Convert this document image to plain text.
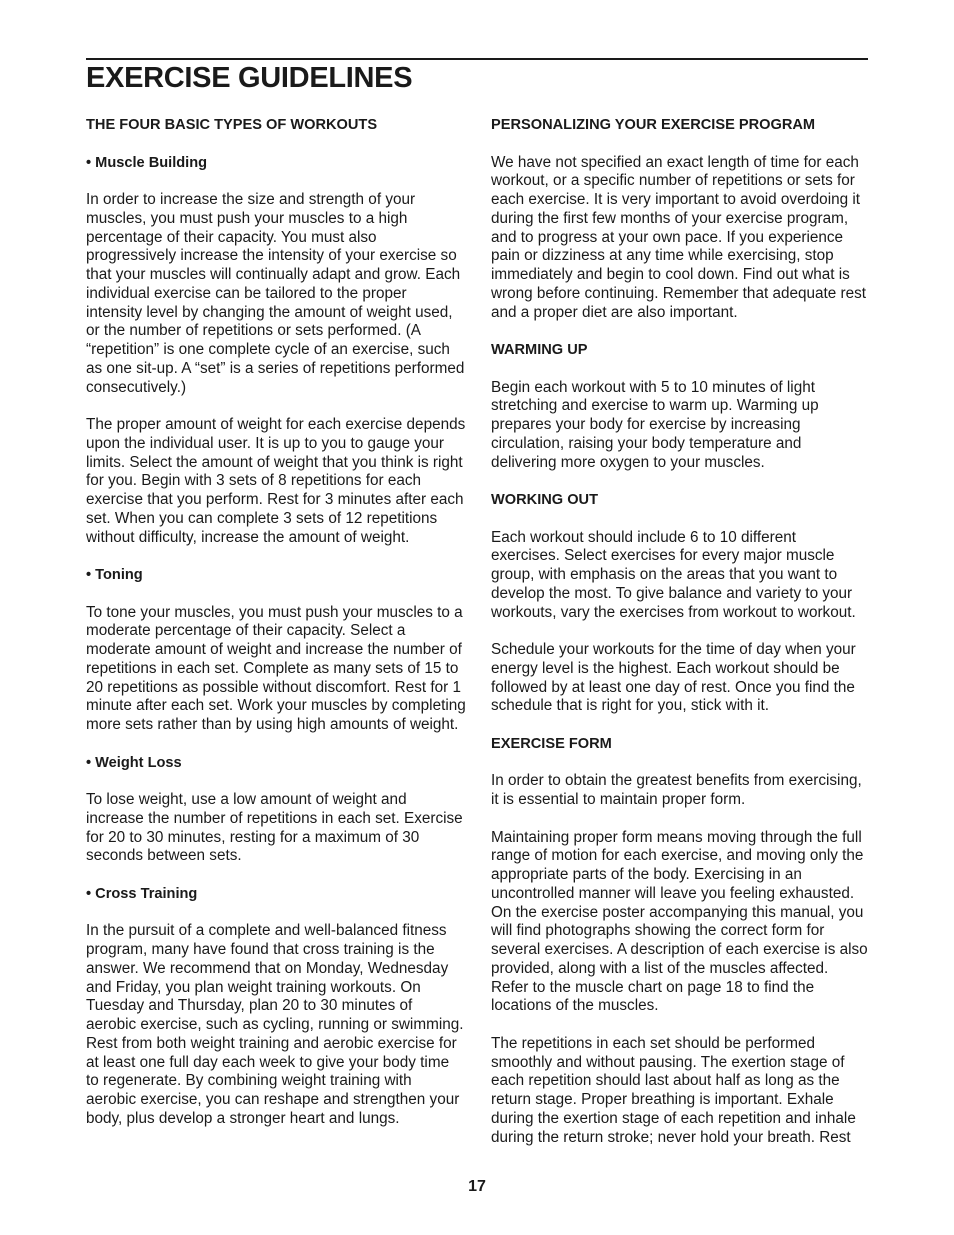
EXERCISE GUIDELINES

THE FOUR BASIC TYPES OF WORKOUTS

• Muscle Building

In order to increase the size and strength of your muscles, you must push your muscles to a high percentage of their capacity. You must also progressively increase the intensity of your exercise so that your muscles will continually adapt and grow. Each individual exercise can be tailored to the proper intensity level by changing the amount of weight used, or the number of repetitions or sets performed. (A “repetition” is one complete cycle of an exercise, such as one sit-up. A “set” is a series of repetitions performed consecutively.)

The proper amount of weight for each exercise depends upon the individual user. It is up to you to gauge your limits. Select the amount of weight that you think is right for you. Begin with 3 sets of 8 repetitions for each exercise that you perform. Rest for 3 minutes after each set. When you can complete 3 sets of 12 repetitions without difficulty, increase the amount of weight.

• Toning

To tone your muscles, you must push your muscles to a moderate percentage of their capacity. Select a moderate amount of weight and increase the number of repetitions in each set. Complete as many sets of 15 to 20 repetitions as possible without discomfort. Rest for 1 minute after each set. Work your muscles by completing more sets rather than by using high amounts of weight.

• Weight Loss

To lose weight, use a low amount of weight and increase the number of repetitions in each set. Exercise for 20 to 30 minutes, resting for a maximum of 30 seconds between sets.

• Cross Training

In the pursuit of a complete and well-balanced fitness program, many have found that cross training is the answer. We recommend that on Monday, Wednesday and Friday, you plan weight training workouts. On Tuesday and Thursday, plan 20 to 30 minutes of aerobic exercise, such as cycling, running or swimming. Rest from both weight training and aerobic exercise for at least one full day each week to give your body time to regenerate. By combining weight training with aerobic exercise, you can reshape and strengthen your body, plus develop a stronger heart and lungs.

PERSONALIZING YOUR EXERCISE PROGRAM

We have not specified an exact length of time for each workout, or a specific number of repetitions or sets for each exercise. It is very important to avoid overdoing it during the first few months of your exercise program, and to progress at your own pace. If you experience pain or dizziness at any time while exercising, stop immediately and begin to cool down. Find out what is wrong before continuing. Remember that adequate rest and a proper diet are also important.

WARMING UP

Begin each workout with 5 to 10 minutes of light stretching and exercise to warm up. Warming up prepares your body for exercise by increasing circulation, raising your body temperature and delivering more oxygen to your muscles.

WORKING OUT

Each workout should include 6 to 10 different exercises. Select exercises for every major muscle group, with emphasis on the areas that you want to develop the most. To give balance and variety to your workouts, vary the exercises from workout to workout.

Schedule your workouts for the time of day when your energy level is the highest. Each workout should be followed by at least one day of rest. Once you find the schedule that is right for you, stick with it.

EXERCISE FORM

In order to obtain the greatest benefits from exercising, it is essential to maintain proper form.

Maintaining proper form means moving through the full range of motion for each exercise, and moving only the appropriate parts of the body. Exercising in an uncontrolled manner will leave you feeling exhausted. On the exercise poster accompanying this manual, you will find photographs showing the correct form for several exercises. A description of each exercise is also provided, along with a list of the muscles affected. Refer to the muscle chart on page 18 to find the locations of the muscles.

The repetitions in each set should be performed smoothly and without pausing. The exertion stage of each repetition should last about half as long as the return stage. Proper breathing is important. Exhale during the exertion stage of each repetition and inhale during the return stroke; never hold your breath. Rest

17
